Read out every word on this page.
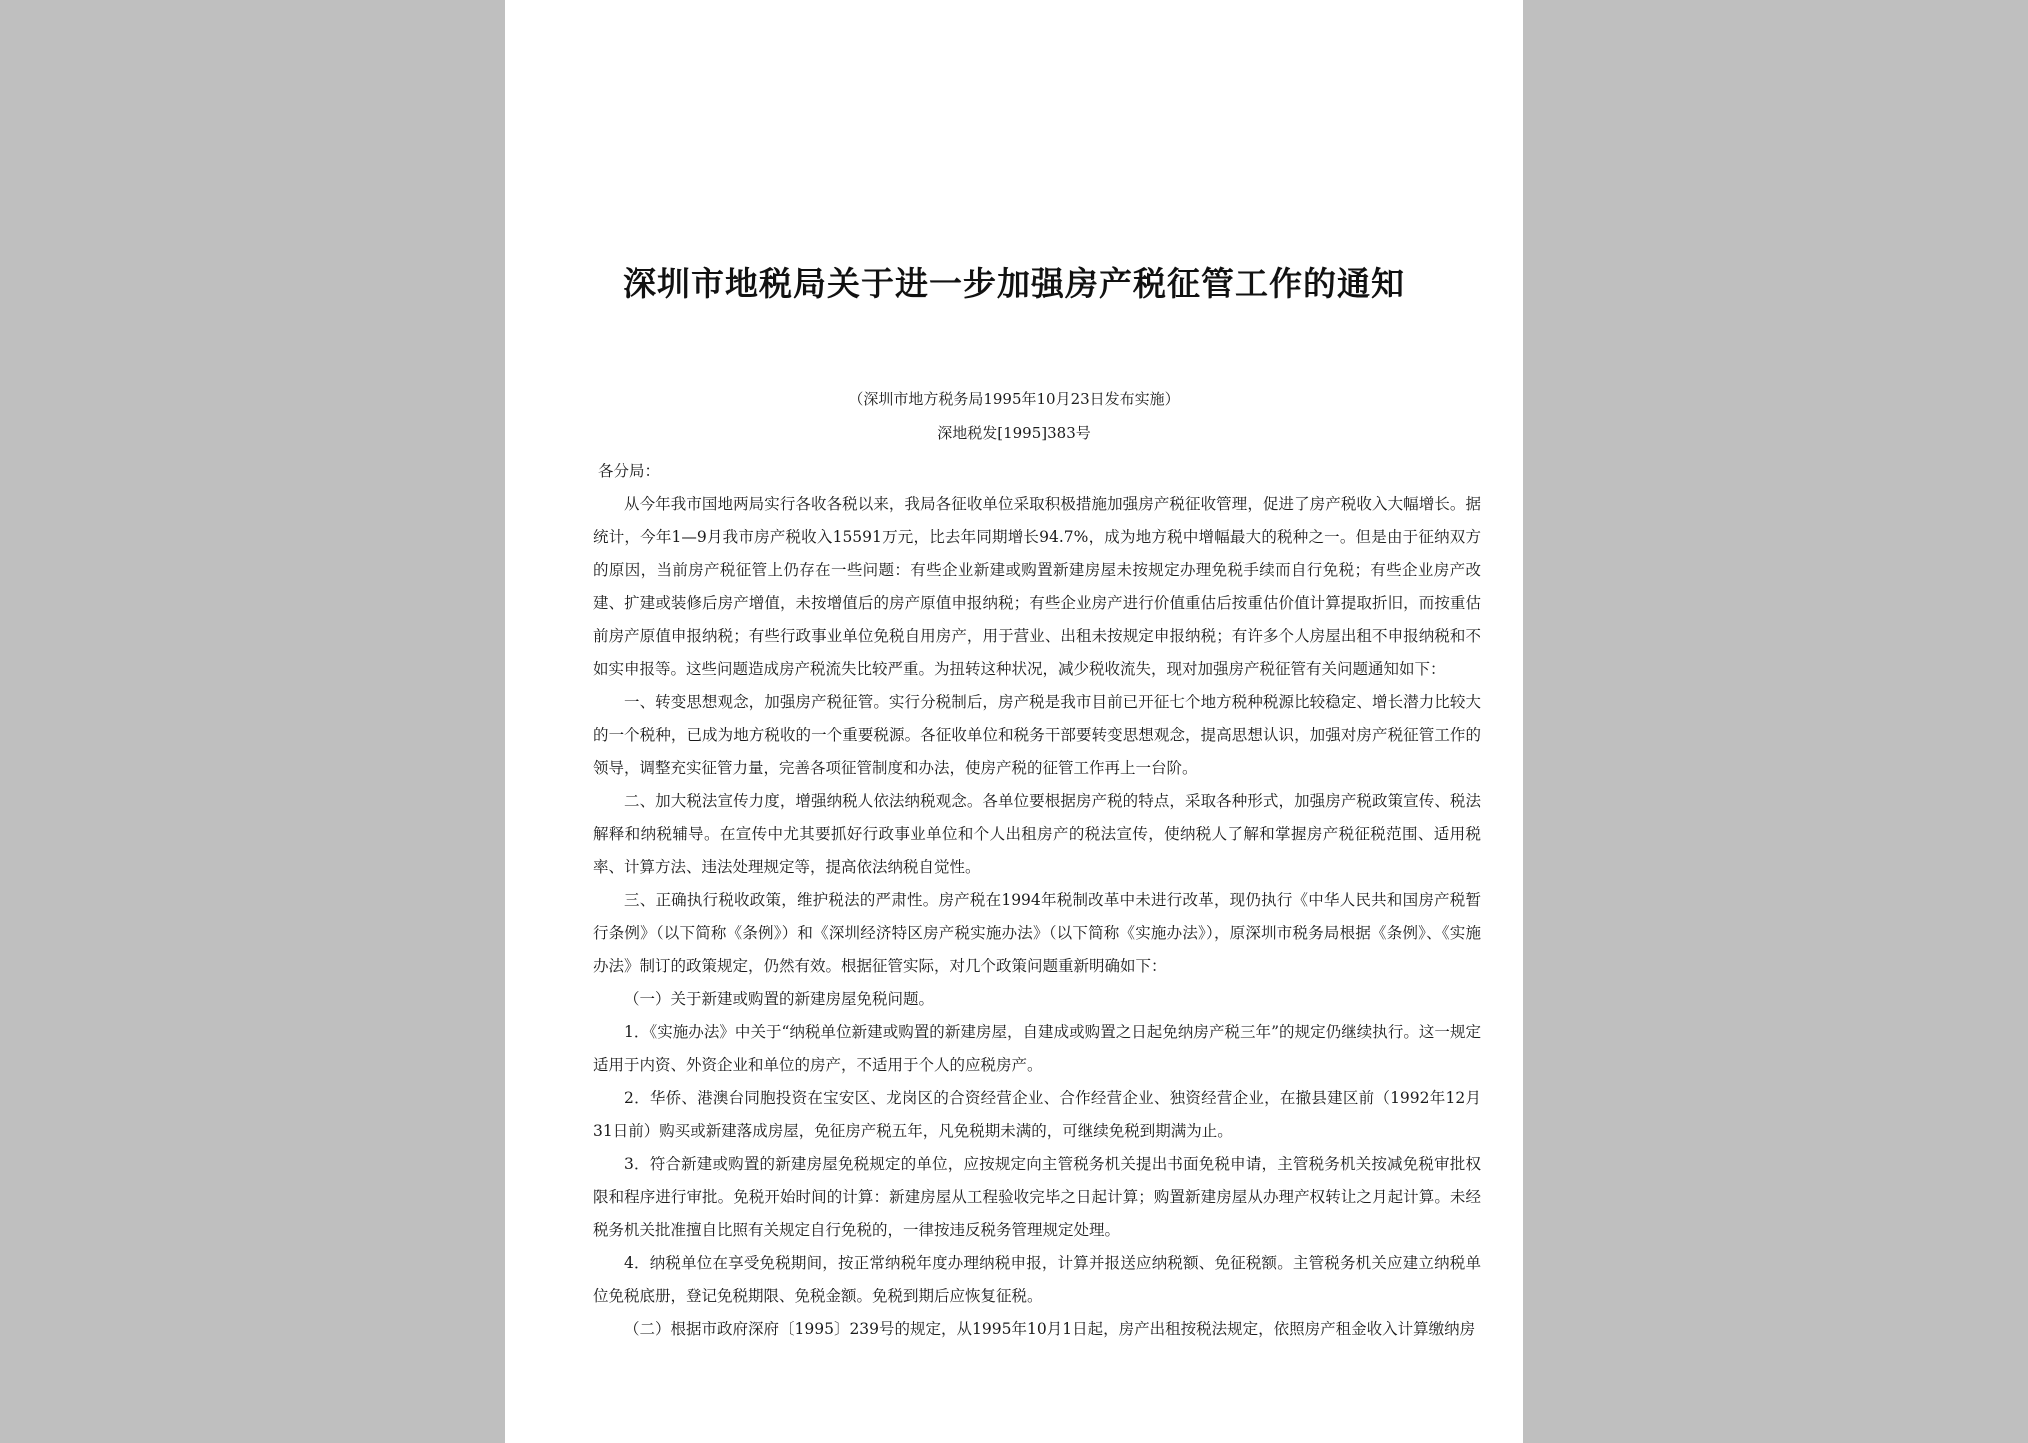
深圳市地税局关于进一步加强房产税征管工作的通知
（深圳市地方税务局1995年10月23日发布实施）
深地税发[1995]383号

各分局：

从今年我市国地两局实行各收各税以来，我局各征收单位采取积极措施加强房产税征收管理，促进了房产税收入大幅增长。据统计，今年1—9月我市房产税收入15591万元，比去年同期增长94.7%，成为地方税中增幅最大的税种之一。但是由于征纳双方的原因，当前房产税征管上仍存在一些问题：有些企业新建或购置新建房屋未按规定办理免税手续而自行免税；有些企业房产改建、扩建或装修后房产增值，未按增值后的房产原值申报纳税；有些企业房产进行价值重估后按重估价值计算提取折旧，而按重估前房产原值申报纳税；有些行政事业单位免税自用房产，用于营业、出租未按规定申报纳税；有许多个人房屋出租不申报纳税和不如实申报等。这些问题造成房产税流失比较严重。为扭转这种状况，减少税收流失，现对加强房产税征管有关问题通知如下：

一、转变思想观念，加强房产税征管。实行分税制后，房产税是我市目前已开征七个地方税种税源比较稳定、增长潜力比较大的一个税种，已成为地方税收的一个重要税源。各征收单位和税务干部要转变思想观念，提高思想认识，加强对房产税征管工作的领导，调整充实征管力量，完善各项征管制度和办法，使房产税的征管工作再上一台阶。

二、加大税法宣传力度，增强纳税人依法纳税观念。各单位要根据房产税的特点，采取各种形式，加强房产税政策宣传、税法解释和纳税辅导。在宣传中尤其要抓好行政事业单位和个人出租房产的税法宣传，使纳税人了解和掌握房产税征税范围、适用税率、计算方法、违法处理规定等，提高依法纳税自觉性。

三、正确执行税收政策，维护税法的严肃性。房产税在1994年税制改革中未进行改革，现仍执行《中华人民共和国房产税暂行条例》（以下简称《条例》）和《深圳经济特区房产税实施办法》（以下简称《实施办法》），原深圳市税务局根据《条例》、《实施办法》制订的政策规定，仍然有效。根据征管实际，对几个政策问题重新明确如下：

（一）关于新建或购置的新建房屋免税问题。

1．《实施办法》中关于“纳税单位新建或购置的新建房屋，自建成或购置之日起免纳房产税三年”的规定仍继续执行。这一规定适用于内资、外资企业和单位的房产，不适用于个人的应税房产。

2．华侨、港澳台同胞投资在宝安区、龙岗区的合资经营企业、合作经营企业、独资经营企业，在撤县建区前（1992年12月31日前）购买或新建落成房屋，免征房产税五年，凡免税期未满的，可继续免税到期满为止。

3．符合新建或购置的新建房屋免税规定的单位，应按规定向主管税务机关提出书面免税申请，主管税务机关按减免税审批权限和程序进行审批。免税开始时间的计算：新建房屋从工程验收完毕之日起计算；购置新建房屋从办理产权转让之月起计算。未经税务机关批准擅自比照有关规定自行免税的，一律按违反税务管理规定处理。

4．纳税单位在享受免税期间，按正常纳税年度办理纳税申报，计算并报送应纳税额、免征税额。主管税务机关应建立纳税单位免税底册，登记免税期限、免税金额。免税到期后应恢复征税。

（二）根据市政府深府〔1995〕239号的规定，从1995年10月1日起，房产出租按税法规定，依照房产租金收入计算缴纳房
